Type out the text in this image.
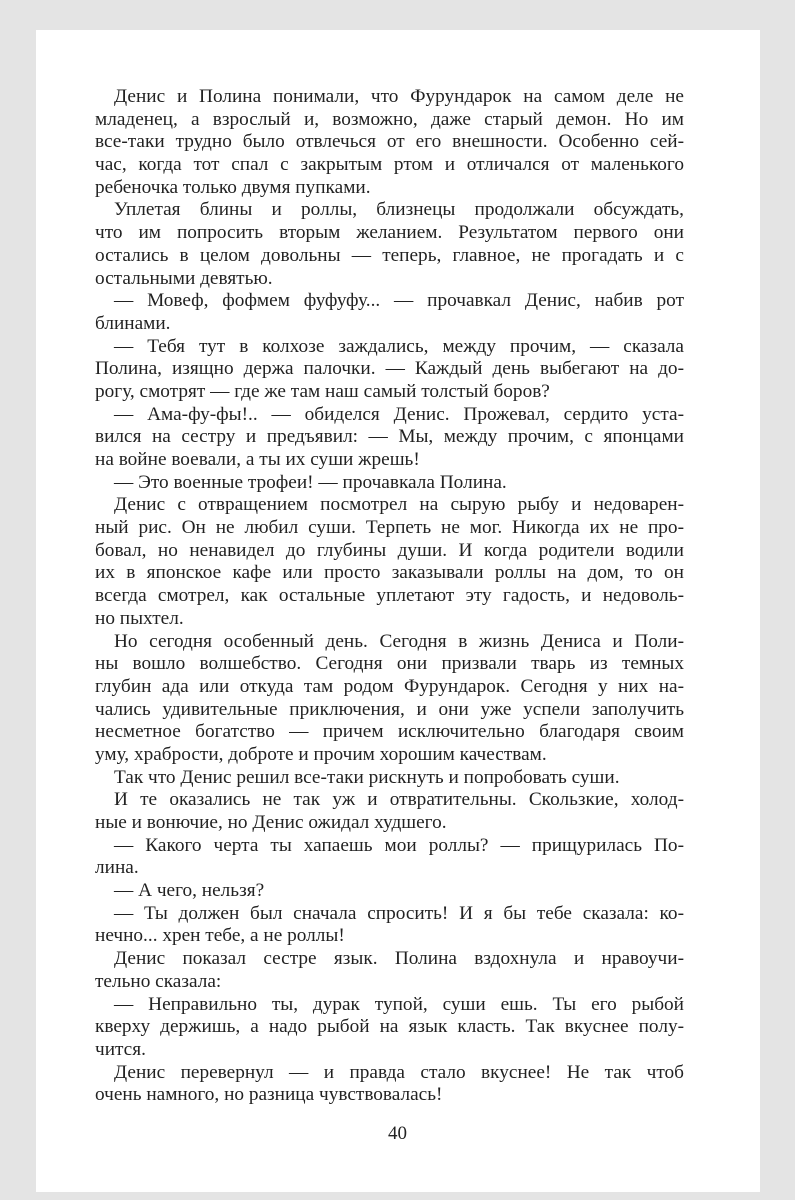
Денис и Полина понимали, что Фурундарок на самом деле не
младенец, а взрослый и, возможно, даже старый демон. Но им
все-таки трудно было отвлечься от его внешности. Особенно сей-
час, когда тот спал с закрытым ртом и отличался от маленького
ребеночка только двумя пупками.
Уплетая блины и роллы, близнецы продолжали обсуждать,
что им попросить вторым желанием. Результатом первого они
остались в целом довольны — теперь, главное, не прогадать и с
остальными девятью.
— Мовеф, фофмем фуфуфу... — прочавкал Денис, набив рот
блинами.
— Тебя тут в колхозе заждались, между прочим, — сказала
Полина, изящно держа палочки. — Каждый день выбегают на до-
рогу, смотрят — где же там наш самый толстый боров?
— Ама-фу-фы!.. — обиделся Денис. Прожевал, сердито уста-
вился на сестру и предъявил: — Мы, между прочим, с японцами
на войне воевали, а ты их суши жрешь!
— Это военные трофеи! — прочавкала Полина.
Денис с отвращением посмотрел на сырую рыбу и недоварен-
ный рис. Он не любил суши. Терпеть не мог. Никогда их не про-
бовал, но ненавидел до глубины души. И когда родители водили
их в японское кафе или просто заказывали роллы на дом, то он
всегда смотрел, как остальные уплетают эту гадость, и недоволь-
но пыхтел.
Но сегодня особенный день. Сегодня в жизнь Дениса и Поли-
ны вошло волшебство. Сегодня они призвали тварь из темных
глубин ада или откуда там родом Фурундарок. Сегодня у них на-
чались удивительные приключения, и они уже успели заполучить
несметное богатство — причем исключительно благодаря своим
уму, храбрости, доброте и прочим хорошим качествам.
Так что Денис решил все-таки рискнуть и попробовать суши.
И те оказались не так уж и отвратительны. Скользкие, холод-
ные и вонючие, но Денис ожидал худшего.
— Какого черта ты хапаешь мои роллы? — прищурилась По-
лина.
— А чего, нельзя?
— Ты должен был сначала спросить! И я бы тебе сказала: ко-
нечно... хрен тебе, а не роллы!
Денис показал сестре язык. Полина вздохнула и нравоучи-
тельно сказала:
— Неправильно ты, дурак тупой, суши ешь. Ты его рыбой
кверху держишь, а надо рыбой на язык класть. Так вкуснее полу-
чится.
Денис перевернул — и правда стало вкуснее! Не так чтоб
очень намного, но разница чувствовалась!
40
